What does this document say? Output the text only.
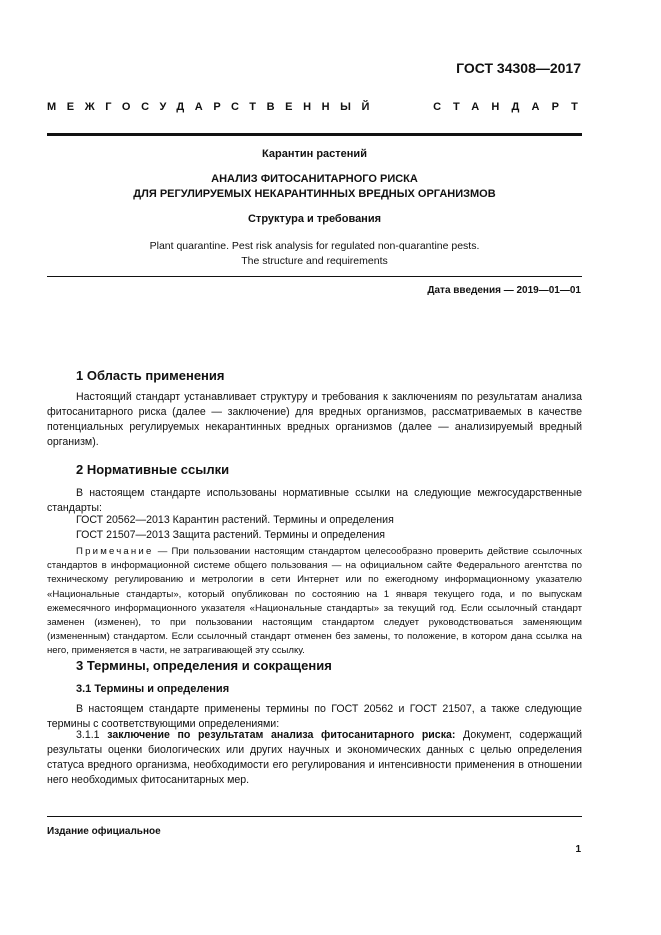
ГОСТ 34308—2017
МЕЖГОСУДАРСТВЕННЫЙ	СТАНДАРТ
Карантин растений
АНАЛИЗ ФИТОСАНИТАРНОГО РИСКА
ДЛЯ РЕГУЛИРУЕМЫХ НЕКАРАНТИННЫХ ВРЕДНЫХ ОРГАНИЗМОВ
Структура и требования
Plant quarantine. Pest risk analysis for regulated non-quarantine pests.
The structure and requirements
Дата введения — 2019—01—01
1 Область применения

Настоящий стандарт устанавливает структуру и требования к заключениям по результатам анализа фитосанитарного риска (далее — заключение) для вредных организмов, рассматриваемых в качестве потенциальных регулируемых некарантинных вредных организмов (далее — анализируемый вредный организм).

2 Нормативные ссылки

В настоящем стандарте использованы нормативные ссылки на следующие межгосударственные стандарты:

ГОСТ 20562—2013 Карантин растений. Термины и определения
ГОСТ 21507—2013 Защита растений. Термины и определения

Примечание — При пользовании настоящим стандартом целесообразно проверить действие ссылочных стандартов в информационной системе общего пользования — на официальном сайте Федерального агентства по техническому регулированию и метрологии в сети Интернет или по ежегодному информационному указателю «Национальные стандарты», который опубликован по состоянию на 1 января текущего года, и по выпускам ежемесячного информационного указателя «Национальные стандарты» за текущий год. Если ссылочный стандарт заменен (изменен), то при пользовании настоящим стандартом следует руководствоваться заменяющим (измененным) стандартом. Если ссылочный стандарт отменен без замены, то положение, в котором дана ссылка на него, применяется в части, не затрагивающей эту ссылку.

3 Термины, определения и сокращения
3.1 Термины и определения

В настоящем стандарте применены термины по ГОСТ 20562 и ГОСТ 21507, а также следующие термины с соответствующими определениями:

3.1.1 заключение по результатам анализа фитосанитарного риска: Документ, содержащий результаты оценки биологических или других научных и экономических данных с целью определения статуса вредного организма, необходимости его регулирования и интенсивности применения в отношении него необходимых фитосанитарных мер.

Издание официальное
1
